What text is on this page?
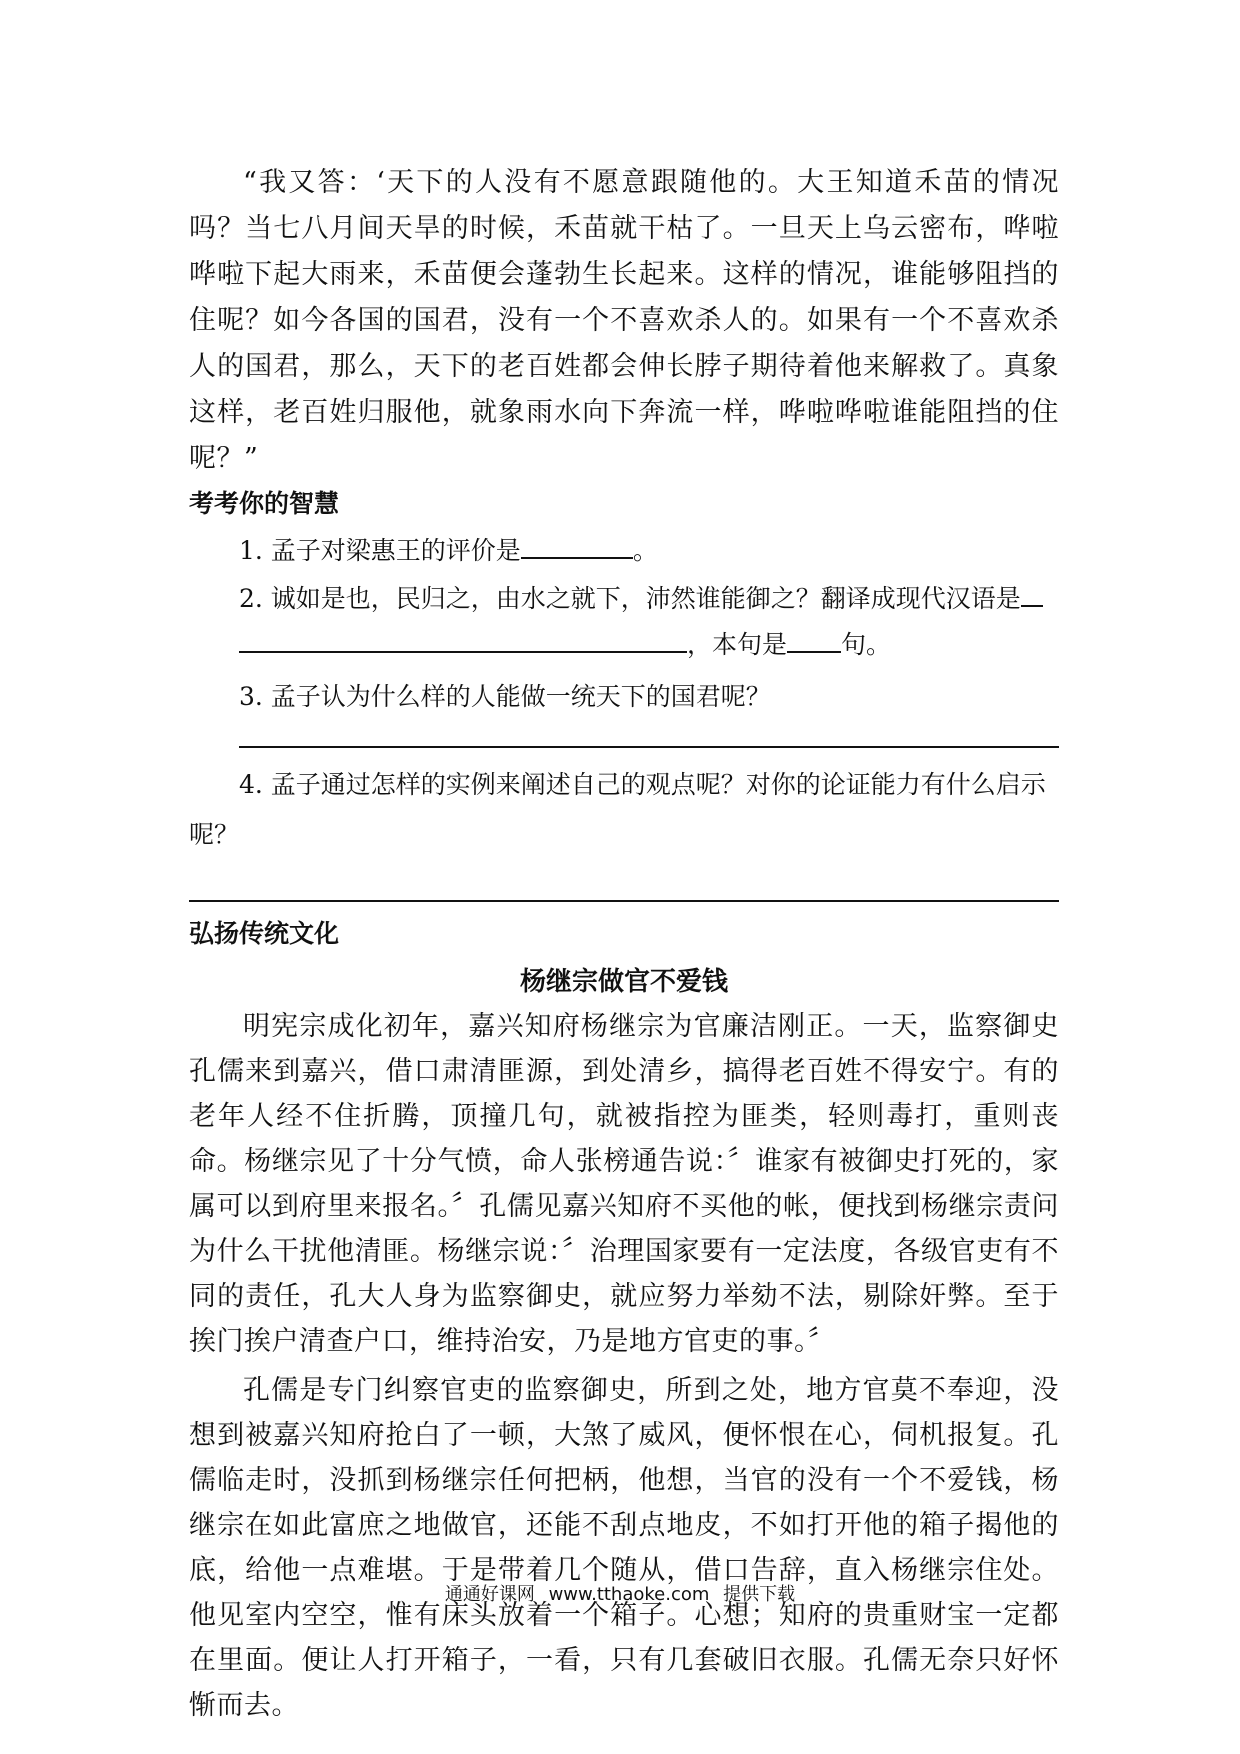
“我又答：‘天下的人没有不愿意跟随他的。大王知道禾苗的情况吗？当七八月间天旱的时候，禾苗就干枯了。一旦天上乌云密布，哗啦哗啦下起大雨来，禾苗便会蓬勃生长起来。这样的情况，谁能够阻挡的住呢？如今各国的国君，没有一个不喜欢杀人的。如果有一个不喜欢杀人的国君，那么，天下的老百姓都会伸长脖子期待着他来解救了。真象这样，老百姓归服他，就象雨水向下奔流一样，哗啦哗啦谁能阻挡的住呢？”

考考你的智慧

1. 孟子对梁惠王的评价是	。

2. 诚如是也，民归之，由水之就下，沛然谁能御之？翻译成现代汉语是

，本句是 句。

3. 孟子认为什么样的人能做一统天下的国君呢？

4. 孟子通过怎样的实例来阐述自己的观点呢？对你的论证能力有什么启示呢？

弘扬传统文化

杨继宗做官不爱钱

明宪宗成化初年，嘉兴知府杨继宗为官廉洁刚正。一天，监察御史孔儒来到嘉兴，借口肃清匪源，到处清乡，搞得老百姓不得安宁。有的老年人经不住折腾，顶撞几句，就被指控为匪类，轻则毒打，重则丧命。杨继宗见了十分气愤，命人张榜通告说：〞谁家有被御史打死的，家属可以到府里来报名。〞孔儒见嘉兴知府不买他的帐，便找到杨继宗责问为什么干扰他清匪。杨继宗说：〞治理国家要有一定法度，各级官吏有不同的责任，孔大人身为监察御史，就应努力举劾不法，剔除奸弊。至于挨门挨户清查户口，维持治安，乃是地方官吏的事。〞

孔儒是专门纠察官吏的监察御史，所到之处，地方官莫不奉迎，没想到被嘉兴知府抢白了一顿，大煞了威风，便怀恨在心，伺机报复。孔儒临走时，没抓到杨继宗任何把柄，他想，当官的没有一个不爱钱，杨继宗在如此富庶之地做官，还能不刮点地皮，不如打开他的箱子揭他的底，给他一点难堪。于是带着几个随从，借口告辞，直入杨继宗住处。他见室内空空，惟有床头放着一个箱子。心想；知府的贵重财宝一定都在里面。便让人打开箱子，一看，只有几套破旧衣服。孔儒无奈只好怀惭而去。

通通好课网 www.tthaoke.com 提供下载
